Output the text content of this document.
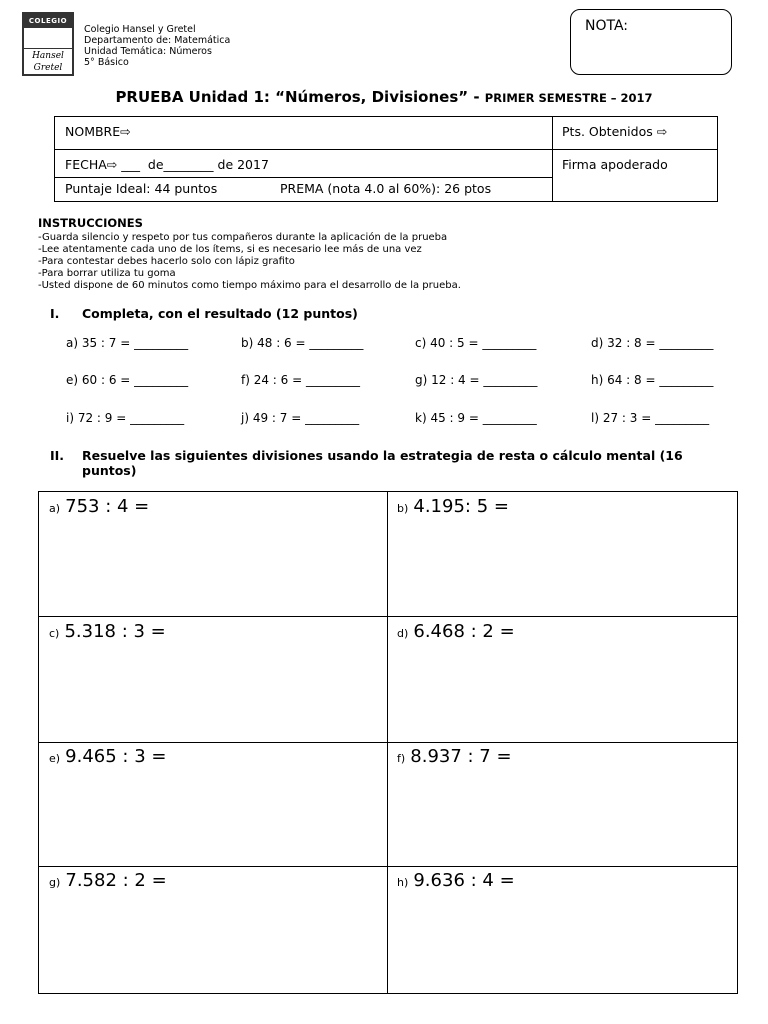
COLEGIO
Hansel
Gretel
Colegio Hansel y Gretel
Departamento de: Matemática
Unidad Temática: Números
5° Básico
NOTA:
PRUEBA Unidad 1: “Números, Divisiones” - PRIMER SEMESTRE – 2017
NOMBRE⇨	Pts. Obtenidos ⇨
FECHA⇨ ___  de________ de 2017	Firma apoderado
Puntaje Ideal: 44 puntos	PREMA (nota 4.0 al 60%): 26 ptos
INSTRUCCIONES
-Guarda silencio y respeto por tus compañeros durante la aplicación de la prueba
-Lee atentamente cada uno de los ítems, si es necesario lee más de una vez
-Para contestar debes hacerlo solo con lápiz grafito
-Para borrar utiliza tu goma
-Usted dispone de 60 minutos como tiempo máximo para el desarrollo de la prueba.
I. Completa, con el resultado (12 puntos)
a) 35 : 7 = _________	b) 48 : 6 = _________	c) 40 : 5 = _________	d) 32 : 8 = _________
e) 60 : 6 = _________	f) 24 : 6 = _________	g) 12 : 4 = _________	h) 64 : 8 = _________
i) 72 : 9 = _________	j) 49 : 7 = _________	k) 45 : 9 = _________	l) 27 : 3 = _________
II. Resuelve las siguientes divisiones usando la estrategia de resta o cálculo mental (16
puntos)
a) 753 : 4 =	b) 4.195: 5 =
c) 5.318 : 3 =	d) 6.468 : 2 =
e) 9.465 : 3 =	f) 8.937 : 7 =
g) 7.582 : 2 =	h) 9.636 : 4 =
